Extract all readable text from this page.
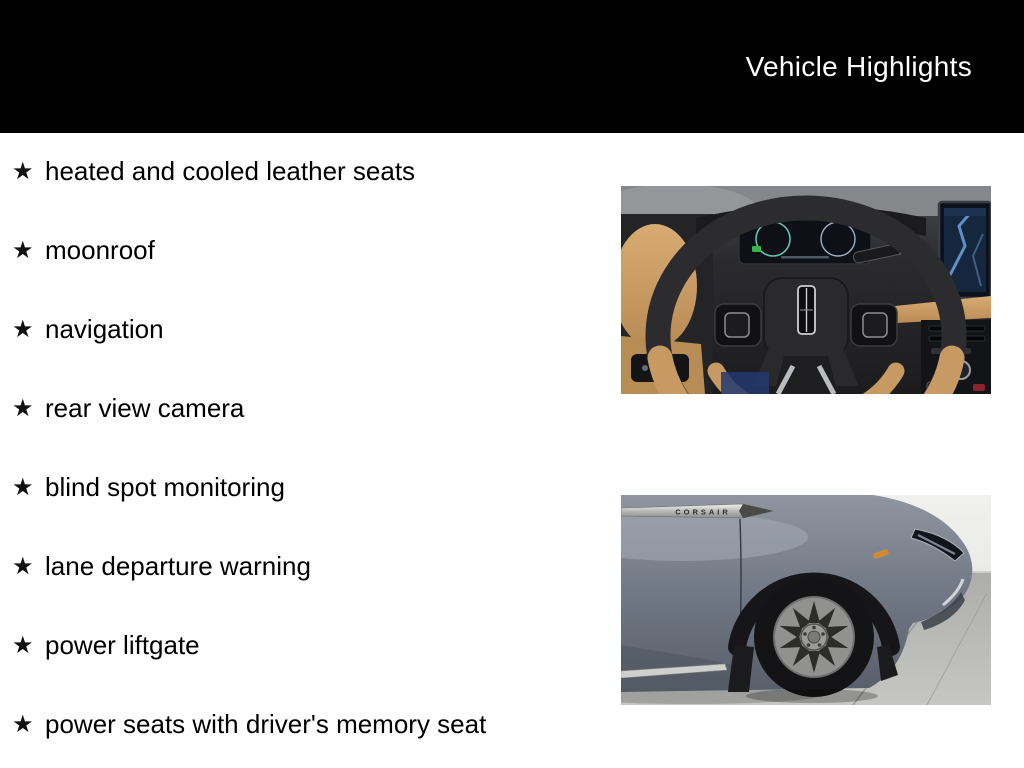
Vehicle Highlights
★ heated and cooled leather seats
★ moonroof
★ navigation
★ rear view camera
★ blind spot monitoring
★ lane departure warning
★ power liftgate
★ power seats with driver's memory seat
CORSAIR
